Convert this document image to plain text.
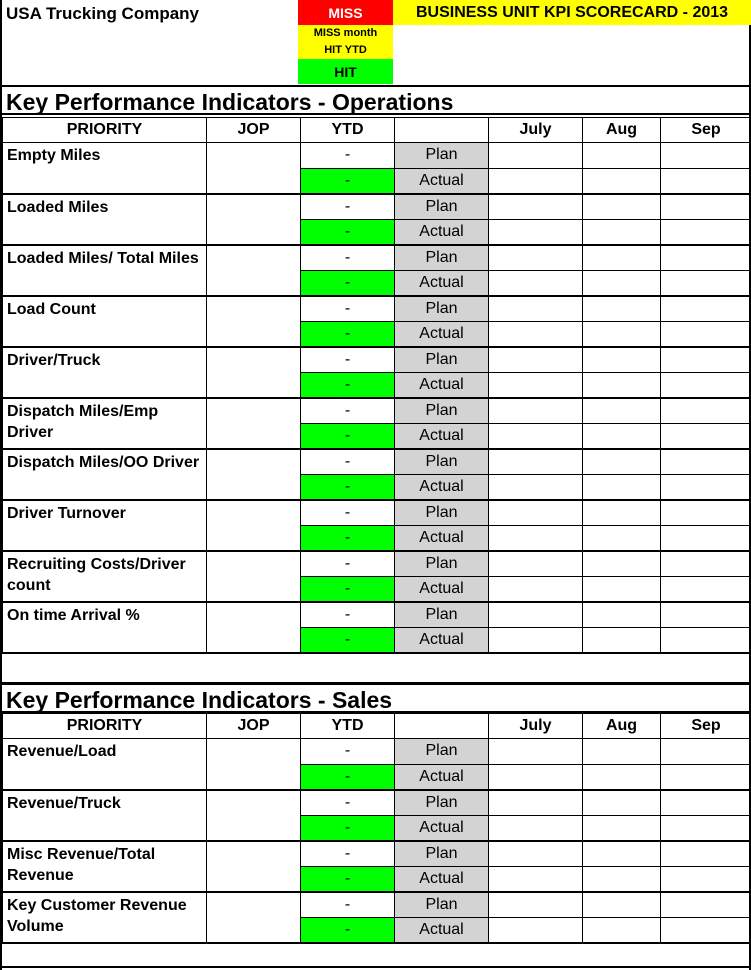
USA Trucking Company	MISS
MISS month
HIT YTD
HIT
BUSINESS UNIT KPI SCORECARD - 2013
Key Performance Indicators - Operations
PRIORITY	JOP	YTD		July	Aug	Sep
Empty Miles		-	Plan			
		-	Actual			
Loaded Miles		-	Plan			
		-	Actual			
Loaded Miles/ Total Miles		-	Plan			
		-	Actual			
Load Count		-	Plan			
		-	Actual			
Driver/Truck		-	Plan			
		-	Actual			
Dispatch Miles/Emp Driver		-	Plan			
		-	Actual			
Dispatch Miles/OO Driver		-	Plan			
		-	Actual			
Driver Turnover		-	Plan			
		-	Actual			
Recruiting Costs/Driver count		-	Plan			
		-	Actual			
On time Arrival %		-	Plan			
		-	Actual			
Key Performance Indicators - Sales
PRIORITY	JOP	YTD		July	Aug	Sep
Revenue/Load		-	Plan			
		-	Actual			
Revenue/Truck		-	Plan			
		-	Actual			
Misc Revenue/Total Revenue		-	Plan			
		-	Actual			
Key Customer Revenue Volume		-	Plan			
		-	Actual			
